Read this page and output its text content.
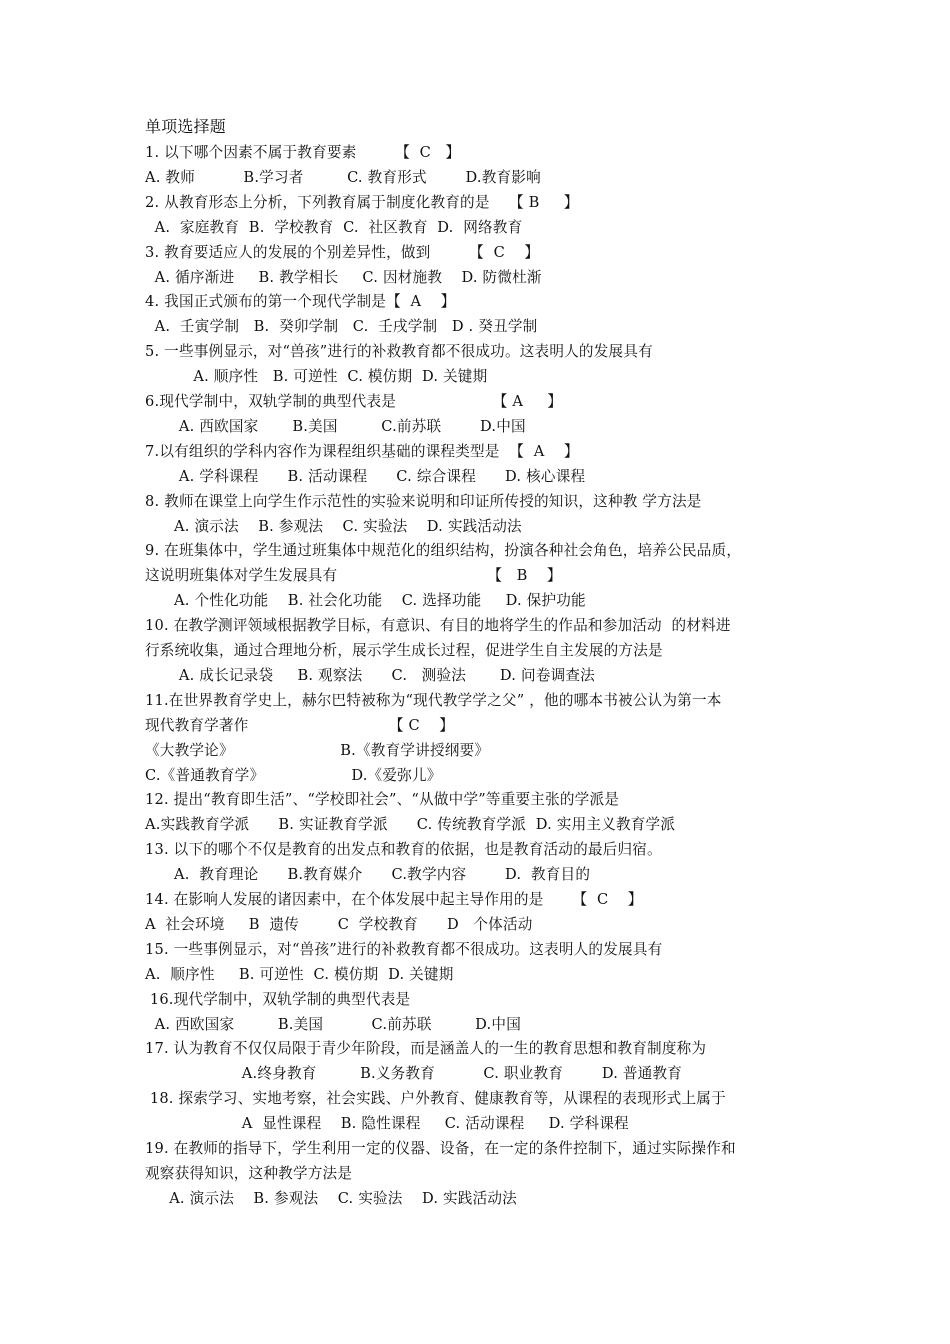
单项选择题
1. 以下哪个因素不属于教育要素        【  C   】
A. 教师          B.学习者         C. 教育形式        D.教育影响
2. 从教育形态上分析，下列教育属于制度化教育的是    【 B     】
A.  家庭教育  B.  学校教育  C.  社区教育  D.  网络教育
3. 教育要适应人的发展的个别差异性，做到        【  C    】
A. 循序渐进     B. 教学相长     C. 因材施教    D. 防微杜渐
4. 我国正式颁布的第一个现代学制是【  A    】
A.  壬寅学制   B.  癸卯学制   C.  壬戌学制   D . 癸丑学制
5. 一些事例显示，对“兽孩”进行的补救教育都不很成功。这表明人的发展具有
A. 顺序性   B. 可逆性  C. 模仿期  D. 关键期
6.现代学制中，双轨学制的典型代表是                    【 A     】
A. 西欧国家       B.美国         C.前苏联        D.中国
7.以有组织的学科内容作为课程组织基础的课程类型是  【  A    】
A. 学科课程      B. 活动课程      C. 综合课程      D. 核心课程
8. 教师在课堂上向学生作示范性的实验来说明和印证所传授的知识，这种教 学方法是
A. 演示法    B. 参观法    C. 实验法    D. 实践活动法
9. 在班集体中，学生通过班集体中规范化的组织结构，扮演各种社会角色，培养公民品质，
这说明班集体对学生发展具有                               【   B    】
A. 个性化功能    B. 社会化功能    C. 选择功能     D. 保护功能
10. 在教学测评领域根据教学目标，有意识、有目的地将学生的作品和参加活动  的材料进
行系统收集，通过合理地分析，展示学生成长过程，促进学生自主发展的方法是
A. 成长记录袋     B. 观察法      C.   测验法       D. 问卷调查法
11.在世界教育学史上，赫尔巴特被称为“现代教学学之父” ，他的哪本书被公认为第一本
现代教育学著作                             【 C    】
《大教学论》                      B.《教育学讲授纲要》
C.《普通教育学》                  D.《爱弥儿》
12. 提出“教育即生活”、“学校即社会”、“从做中学”等重要主张的学派是
A.实践教育学派      B. 实证教育学派      C. 传统教育学派  D. 实用主义教育学派
13. 以下的哪个不仅是教育的出发点和教育的依据，也是教育活动的最后归宿。
A.  教育理论      B.教育媒介      C.教学内容        D.  教育目的
14. 在影响人发展的诸因素中，在个体发展中起主导作用的是      【  C    】
A  社会环境     B  遗传        C  学校教育      D   个体活动
15. 一些事例显示，对“兽孩”进行的补救教育都不很成功。这表明人的发展具有
A.  顺序性     B. 可逆性  C. 模仿期  D. 关键期
16.现代学制中，双轨学制的典型代表是
A. 西欧国家         B.美国          C.前苏联         D.中国
17. 认为教育不仅仅局限于青少年阶段，而是涵盖人的一生的教育思想和教育制度称为
A.终身教育         B.义务教育          C. 职业教育        D. 普通教育
18. 探索学习、实地考察，社会实践、户外教育、健康教育等，从课程的表现形式上属于
A  显性课程    B. 隐性课程     C. 活动课程     D. 学科课程
19. 在教师的指导下，学生利用一定的仪器、设备，在一定的条件控制下，通过实际操作和
观察获得知识，这种教学方法是
A. 演示法    B. 参观法    C. 实验法    D. 实践活动法
